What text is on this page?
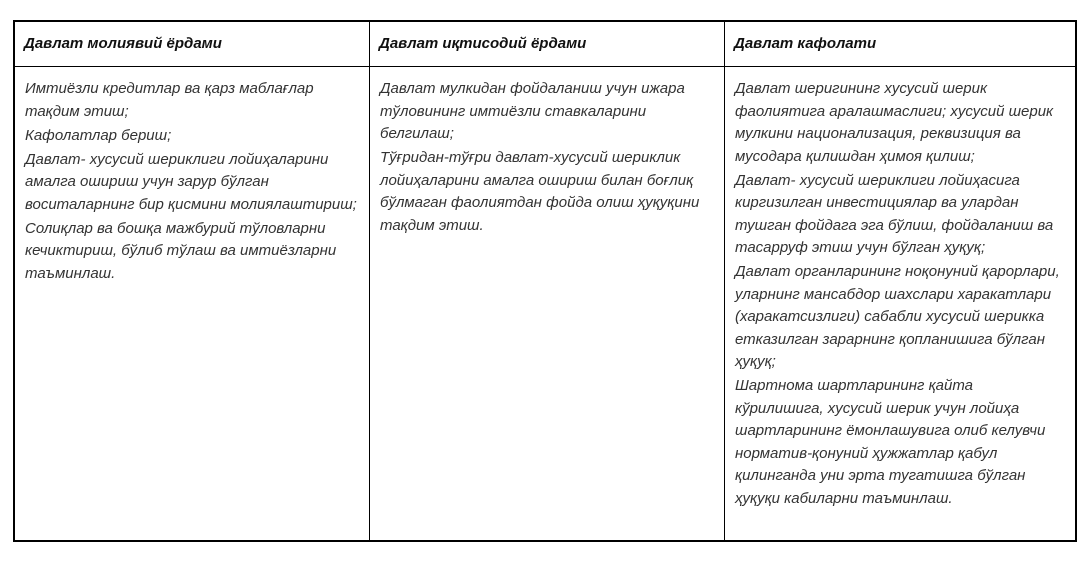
Давлат молиявий ёрдами	Давлат иқтисодий ёрдами	Давлат кафолати

Имтиёзли кредитлар ва қарз маблағлар тақдим этиш;

Кафолатлар бериш;

Давлат- хусусий шериклиги лойиҳаларини амалга ошириш учун зарур бўлган воситаларнинг бир қисмини молиялаштириш;

Солиқлар ва бошқа мажбурий тўловларни кечиктириш, бўлиб тўлаш ва имтиёзларни таъминлаш.

Давлат мулкидан фойдаланиш учун ижара тўловининг имтиёзли ставкаларини белгилаш;

Тўғридан-тўғри давлат-хусусий шериклик лойиҳаларини амалга ошириш билан боғлиқ бўлмаган фаолиятдан фойда олиш ҳуқуқини тақдим этиш.

Давлат шеригининг хусусий шерик фаолиятига аралашмаслиги; хусусий шерик мулкини национализация, реквизиция ва мусодара қилишдан ҳимоя қилиш;

Давлат- хусусий шериклиги лойиҳасига киргизилган инвестициялар ва улардан тушган фойдага эга бўлиш, фойдаланиш ва тасарруф этиш учун бўлган ҳуқуқ;

Давлат органларининг ноқонуний қарорлари, уларнинг мансабдор шахслари харакатлари (харакатсизлиги) сабабли хусусий шерикка етказилган зарарнинг қопланишига бўлган ҳуқуқ;

Шартнома шартларининг қайта кўрилишига, хусусий шерик учун лойиҳа шартларининг ёмонлашувига олиб келувчи норматив-қонуний ҳужжатлар қабул қилинганда уни эрта тугатишга бўлган ҳуқуқи кабиларни таъминлаш.
